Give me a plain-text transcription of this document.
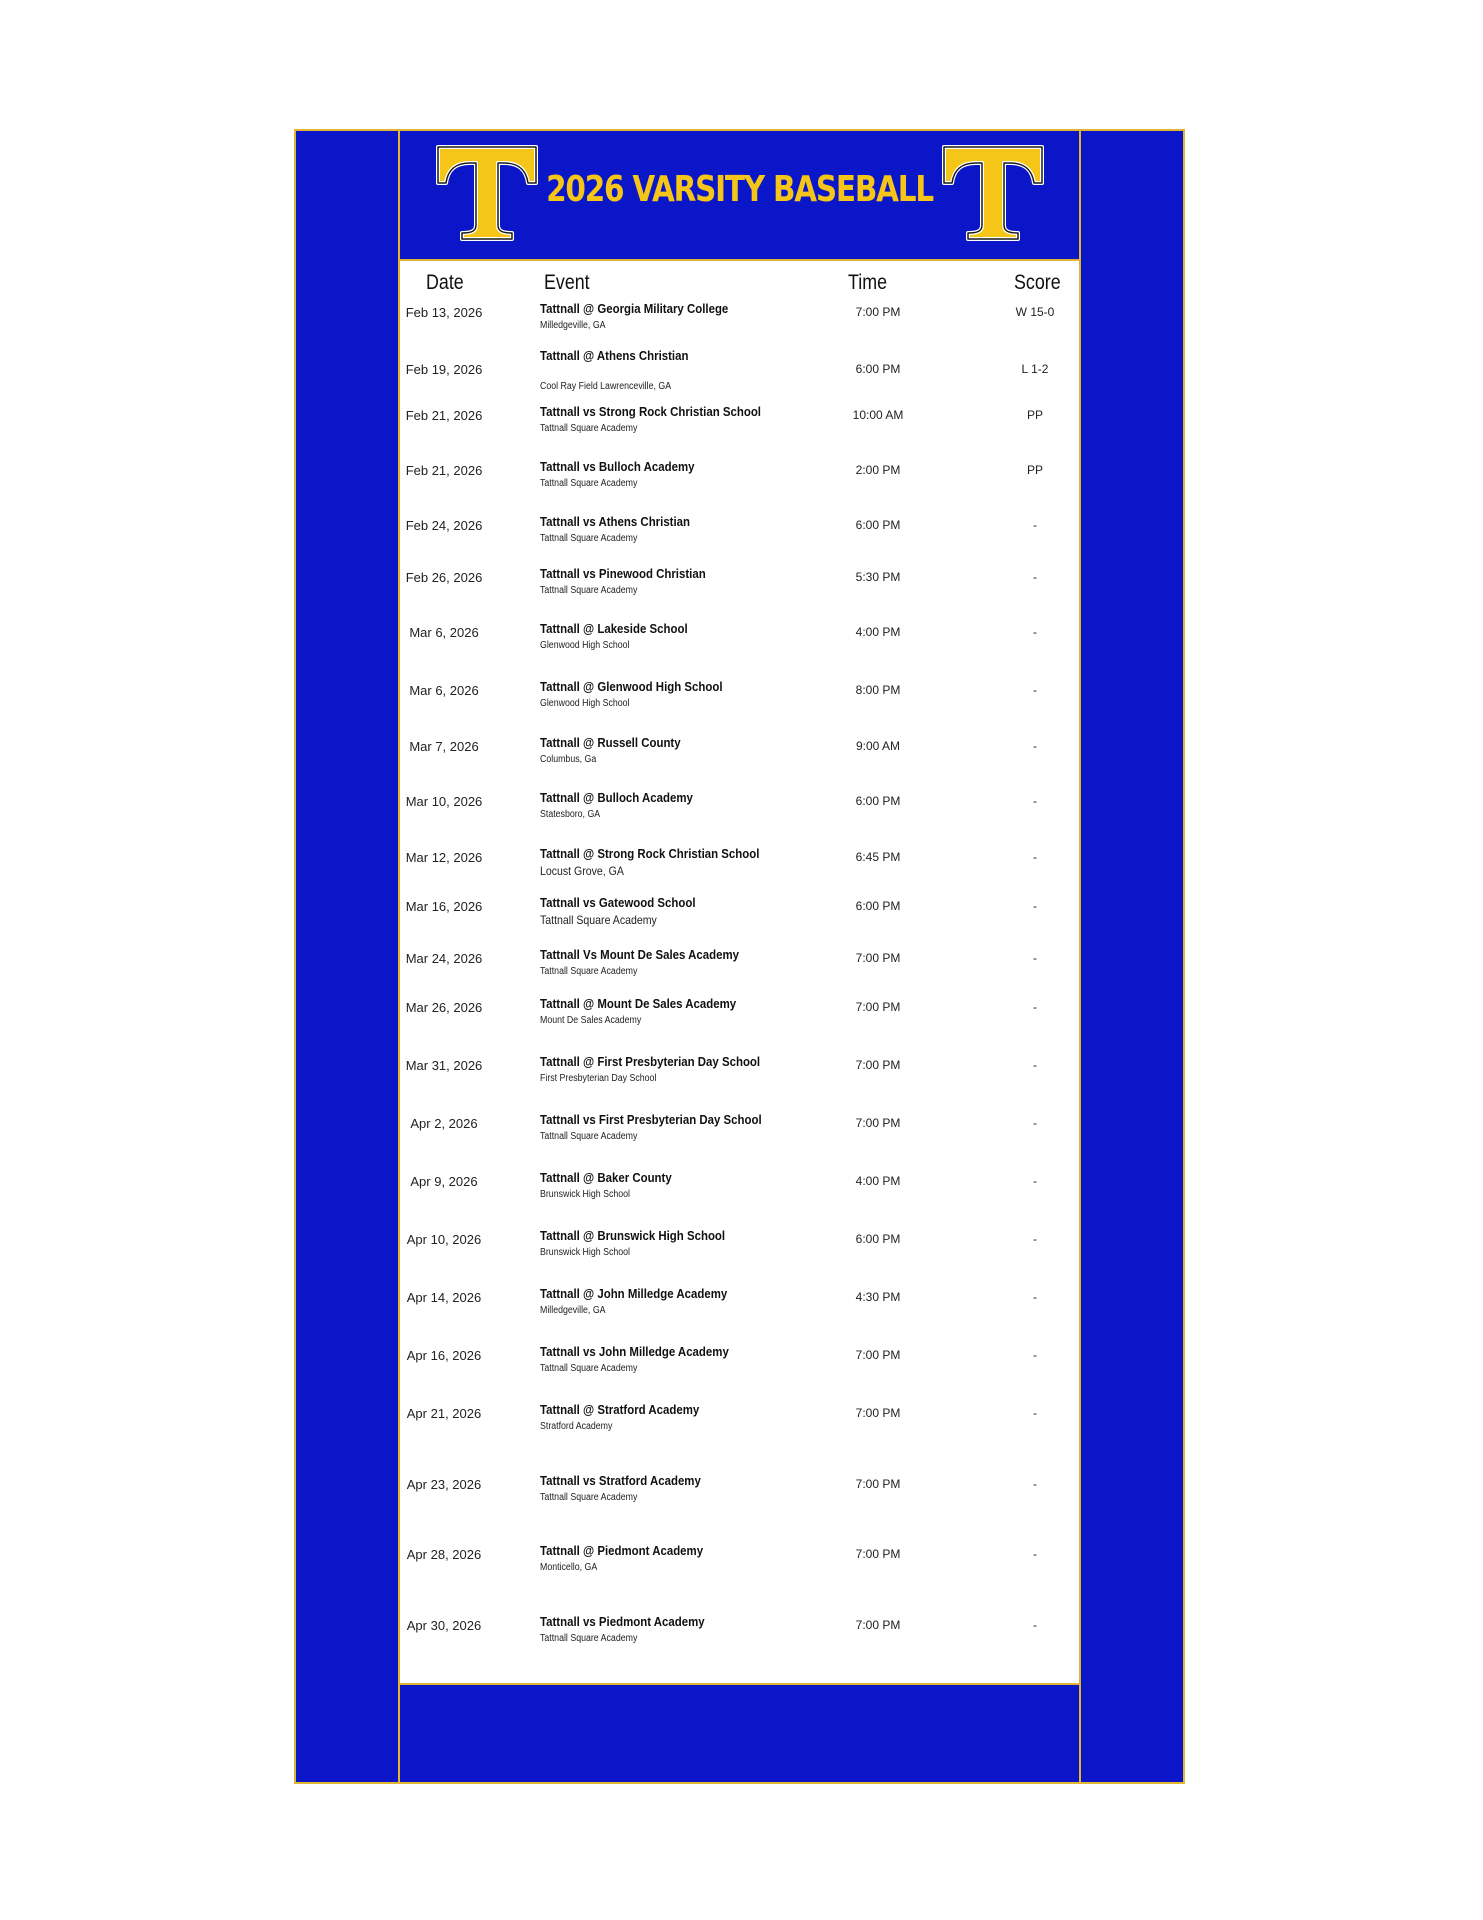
2026 VARSITY BASEBALL
Date	Event	Time	Score
Feb 13, 2026	Tattnall @ Georgia Military College
Milledgeville, GA
7:00 PM	W 15-0
Feb 19, 2026
Tattnall @ Athens Christian
Cool Ray Field Lawrenceville, GA
6:00 PM	L 1-2
Feb 21, 2026	Tattnall vs Strong Rock Christian School
Tattnall Square Academy
10:00 AM	PP
Feb 21, 2026	Tattnall vs Bulloch Academy
Tattnall Square Academy
2:00 PM	PP
Feb 24, 2026	Tattnall vs Athens Christian
Tattnall Square Academy
6:00 PM	-
Feb 26, 2026	Tattnall vs Pinewood Christian
Tattnall Square Academy
5:30 PM	-
Mar 6, 2026	Tattnall @ Lakeside School
Glenwood High School
4:00 PM	-
Mar 6, 2026	Tattnall @ Glenwood High School
Glenwood High School
8:00 PM	-
Mar 7, 2026	Tattnall @ Russell County
Columbus, Ga
9:00 AM	-
Mar 10, 2026	Tattnall @ Bulloch Academy
Statesboro, GA
6:00 PM	-
Mar 12, 2026	Tattnall @ Strong Rock Christian School
Locust Grove, GA
6:45 PM	-
Mar 16, 2026	Tattnall vs Gatewood School
Tattnall Square Academy
6:00 PM	-
Mar 24, 2026	Tattnall Vs Mount De Sales Academy
Tattnall Square Academy
7:00 PM	-
Mar 26, 2026	Tattnall @ Mount De Sales Academy
Mount De Sales Academy
7:00 PM	-
Mar 31, 2026	Tattnall @ First Presbyterian Day School
First Presbyterian Day School
7:00 PM	-
Apr 2, 2026	Tattnall vs First Presbyterian Day School
Tattnall Square Academy
7:00 PM	-
Apr 9, 2026	Tattnall @ Baker County
Brunswick High School
4:00 PM	-
Apr 10, 2026	Tattnall @ Brunswick High School
Brunswick High School
6:00 PM	-
Apr 14, 2026	Tattnall @ John Milledge Academy
Milledgeville, GA
4:30 PM	-
Apr 16, 2026	Tattnall vs John Milledge Academy
Tattnall Square Academy
7:00 PM	-
Apr 21, 2026	Tattnall @ Stratford Academy
Stratford Academy
7:00 PM	-
Apr 23, 2026	Tattnall vs Stratford Academy
Tattnall Square Academy
7:00 PM	-
Apr 28, 2026	Tattnall @ Piedmont Academy
Monticello, GA
7:00 PM	-
Apr 30, 2026	Tattnall vs Piedmont Academy
Tattnall Square Academy
7:00 PM	-
